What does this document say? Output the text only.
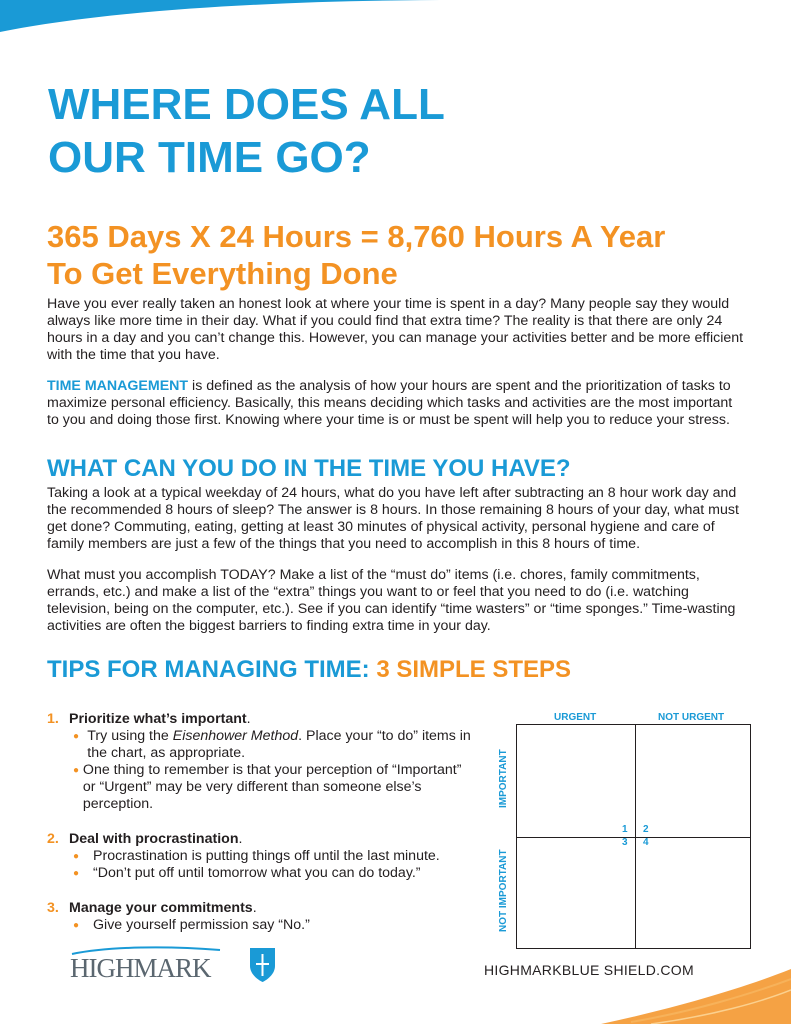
WHERE DOES ALL
OUR TIME GO?
365 Days X 24 Hours = 8,760 Hours A Year
To Get Everything Done

Have you ever really taken an honest look at where your time is spent in a day? Many people say they would always like more time in their day. What if you could find that extra time? The reality is that there are only 24 hours in a day and you can’t change this. However, you can manage your activities better and be more efficient with the time that you have.

TIME MANAGEMENT is defined as the analysis of how your hours are spent and the prioritization of tasks to maximize personal efficiency. Basically, this means deciding which tasks and activities are the most important to you and doing those first. Knowing where your time is or must be spent will help you to reduce your stress.

WHAT CAN YOU DO IN THE TIME YOU HAVE?

Taking a look at a typical weekday of 24 hours, what do you have left after subtracting an 8 hour work day and the recommended 8 hours of sleep? The answer is 8 hours. In those remaining 8 hours of your day, what must get done? Commuting, eating, getting at least 30 minutes of physical activity, personal hygiene and care of family members are just a few of the things that you need to accomplish in this 8 hours of time.

What must you accomplish TODAY? Make a list of the “must do” items (i.e. chores, family commitments, errands, etc.) and make a list of the “extra” things you want to or feel that you need to do (i.e. watching television, being on the computer, etc.). See if you can identify “time wasters” or “time sponges.” Time-wasting activities are often the biggest barriers to finding extra time in your day.

TIPS FOR MANAGING TIME: 3 SIMPLE STEPS
1. Prioritize what’s important.
● Try using the Eisenhower Method. Place your “to do” items in the chart, as appropriate.
● One thing to remember is that your perception of “Important” or “Urgent” may be very different than someone else’s perception.
2. Deal with procrastination.
● Procrastination is putting things off until the last minute.
● “Don’t put off until tomorrow what you can do today.”
3. Manage your commitments.
● Give yourself permission say “No.”
URGENT	NOT URGENT
IMPORTANT
NOT IMPORTANT
1 2
3 4
HIGHMARK	HIGHMARKBLUE SHIELD.COM
